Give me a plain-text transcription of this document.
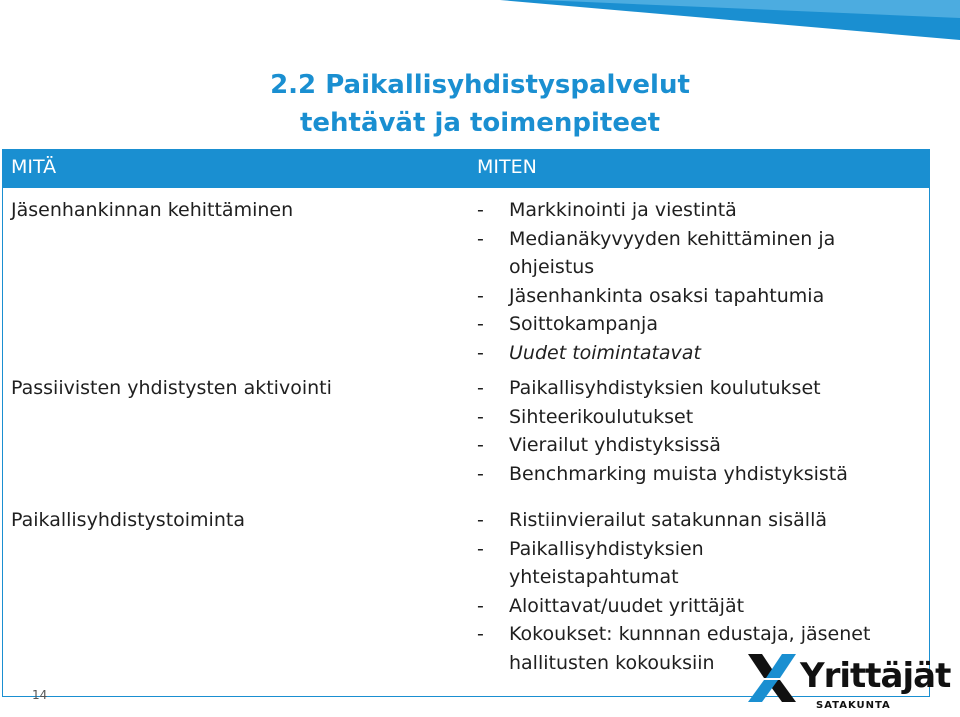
2.2 Paikallisyhdistyspalvelut
tehtävät ja toimenpiteet
MITÄ	MITEN
Jäsenhankinnan kehittäminen	-	Markkinointi ja viestintä
-	Medianäkyvyyden kehittäminen ja ohjeistus
-	Jäsenhankinta osaksi tapahtumia
-	Soittokampanja
-	Uudet toimintatavat
Passiivisten yhdistysten aktivointi	-	Paikallisyhdistyksien koulutukset
-	Sihteerikoulutukset
-	Vierailut yhdistyksissä
-	Benchmarking muista yhdistyksistä
Paikallisyhdistystoiminta	-	Ristiinvierailut satakunnan sisällä
-	Paikallisyhdistyksien yhteistapahtumat
-	Aloittavat/uudet yrittäjät
-	Kokoukset: kunnnan edustaja, jäsenet hallitusten kokouksiin
14	Yrittäjät
SATAKUNTA
